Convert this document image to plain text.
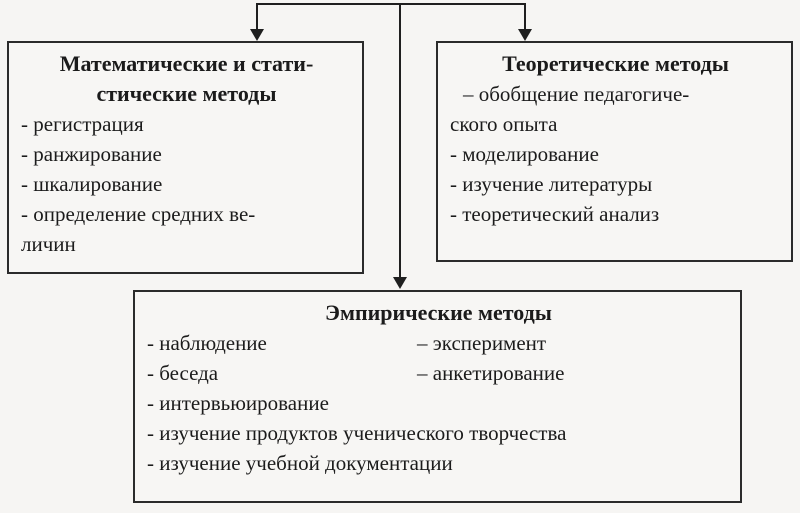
Математические и стати-
стические методы
- регистрация
- ранжирование
- шкалирование
- определение средних ве-
личин
Теоретические методы
– обобщение педагогиче-
ского опыта
- моделирование
- изучение литературы
- теоретический анализ
Эмпирические методы
- наблюдение
- беседа
– эксперимент
– анкетирование
- интервьюирование
- изучение продуктов ученического творчества
- изучение учебной документации
